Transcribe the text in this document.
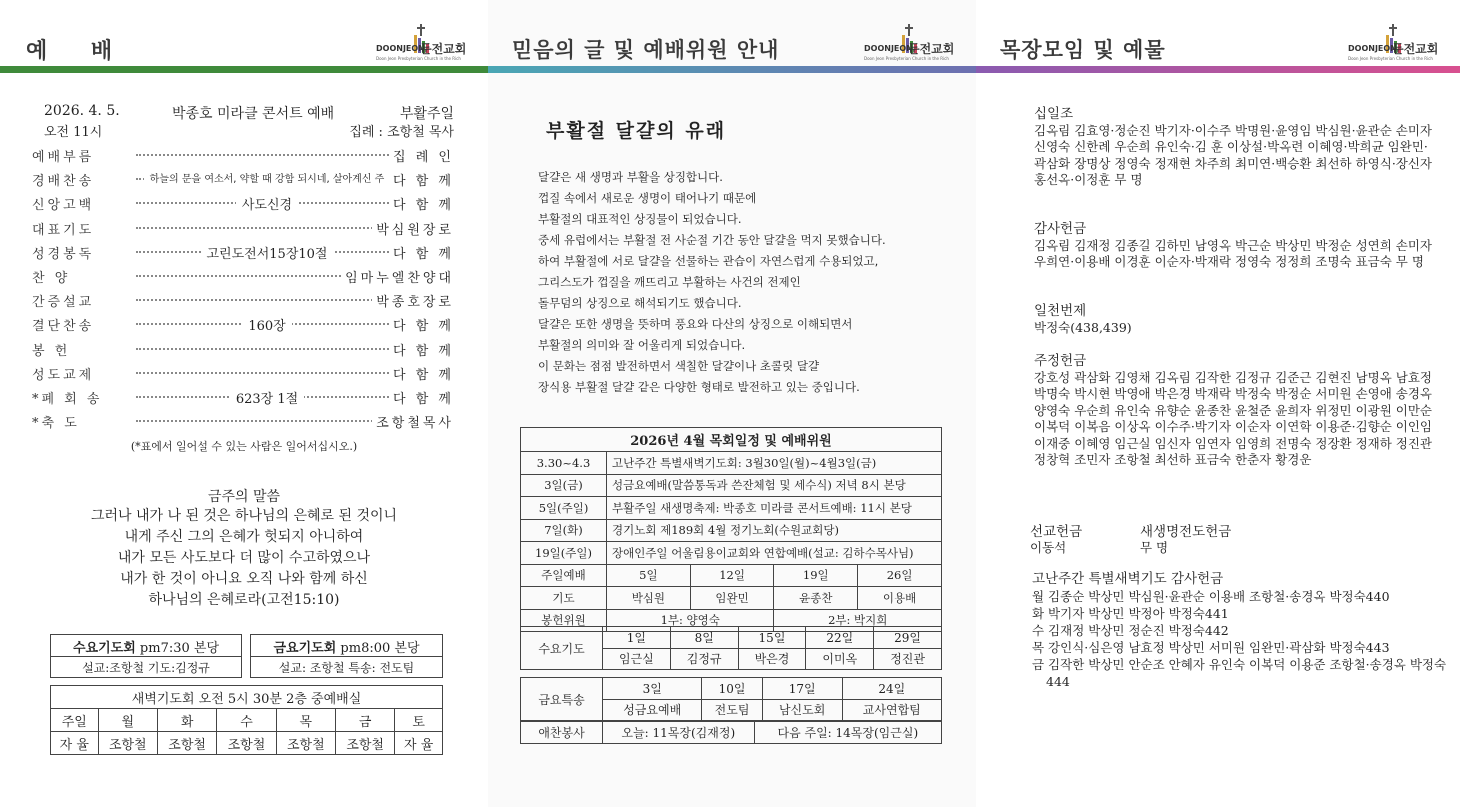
예 배	DOONJEON
둔전교회
Doon Jeon Presbyterian Church in the Rich
2026. 4. 5.	박종호 미라클 콘서트 예배	부활주일
오전 11시	집례 : 조항철 목사
예배부름	집 례 인
경배찬송	하늘의 문을 여소서, 약할 때 강함 되시네, 살아계신 주 다 함 께
신앙고백	사도신경	다 함 께
대표기도	박심원장로
성경봉독	고린도전서15장10절	다 함 께
찬 양	임마누엘찬양대
간증설교	박종호장로
결단찬송	160장	다 함 께
봉 헌	다 함 께
성도교제	다 함 께
*폐 회 송	623장 1절	다 함 께
*축 도	조항철목사
(*표에서 일어설 수 있는 사람은 일어서십시오.)
금주의 말씀
그러나 내가 나 된 것은 하나님의 은혜로 된 것이니
내게 주신 그의 은혜가 헛되지 아니하여
내가 모든 사도보다 더 많이 수고하였으나
내가 한 것이 아니요 오직 나와 함께 하신
하나님의 은혜로라(고전15:10)
수요기도회 pm7:30 본당
설교:조항철 기도:김정규
금요기도회 pm8:00 본당
설교: 조항철 특송: 전도팀
새벽기도회 오전 5시 30분 2층 중예배실						
주일	월	화	수	목	금	토
자 율	조항철	조항철	조항철	조항철	조항철	자 율
믿음의 글 및 예배위원 안내	DOONJEON
둔전교회
Doon Jeon Presbyterian Church in the Rich
부활절 달걀의 유래
달걀은 새 생명과 부활을 상징합니다.
껍질 속에서 새로운 생명이 태어나기 때문에
부활절의 대표적인 상징물이 되었습니다.
중세 유럽에서는 부활절 전 사순절 기간 동안 달걀을 먹지 못했습니다.
하여 부활절에 서로 달걀을 선물하는 관습이 자연스럽게 수용되었고,
그리스도가 껍질을 깨뜨리고 부활하는 사건의 전제인
돌무덤의 상징으로 해석되기도 했습니다.
달걀은 또한 생명을 뜻하며 풍요와 다산의 상징으로 이해되면서
부활절의 의미와 잘 어울리게 되었습니다.
이 문화는 점점 발전하면서 색칠한 달걀이나 초콜릿 달걀
장식용 부활절 달걀 같은 다양한 형태로 발전하고 있는 중입니다.
2026년 4월 목회일정 및 예배위원				
3.30~4.3	고난주간 특별새벽기도회: 3월30일(월)~4월3일(금)			
3일(금)	성금요예배(말씀통독과 쓴잔체험 및 세수식) 저녁 8시 본당			
5일(주일)	부활주일 새생명축제: 박종호 미라클 콘서트예배: 11시 본당			
7일(화)	경기노회 제189회 4월 정기노회(수원교회당)			
19일(주일)	장애인주일 어울림용이교회와 연합예배(설교: 김하수목사님)			
주일예배	5일	12일	19일	26일
기도	박심원	임완민	윤종찬	이용배
봉헌위원	1부: 양영숙		2부: 박지희	
수요기도	1일	8일	15일	22일	29일
	임근실	김정규	박은경	이미옥	정진관
금요특송	3일	10일	17일	24일
	성금요예배	전도팀	남신도회	교사연합팀
애찬봉사	오늘: 11목장(김재정)	다음 주일: 14목장(임근실)
목장모임 및 예물	DOONJEON
둔전교회
Doon Jeon Presbyterian Church in the Rich
십일조
김옥림 김효영·정순진 박기자·이수주 박명원·윤영임 박심원·윤관순 손미자 신영숙 신한례 우순희 유인숙·김 훈 이상설·박옥련 이혜영·박희균 임완민·곽삼화 장명상 정영숙 정재현 차주희 최미연·백승환 최선하 하영식·장신자 홍선옥·이정훈 무 명
감사헌금
김옥림 김재정 김종길 김하민 남영옥 박근순 박상민 박정순 성연희 손미자 우희연·이용배 이경훈 이순자·박재락 정영숙 정정희 조명숙 표금숙 무 명
일천번제
박정숙(438,439)
주정헌금
강호성 곽삼화 김영채 김옥림 김작한 김정규 김준근 김현진 남명옥 남효정 박명숙 박시현 박영애 박은경 박재락 박정숙 박정순 서미원 손영애 송경옥 양영숙 우순희 유인숙 유향순 윤종찬 윤철준 윤희자 위정민 이광원 이만순 이복덕 이복음 이상옥 이수주·박기자 이순자 이연학 이용준·김향순 이인임 이재중 이혜영 임근실 임신자 임연자 임영희 전명숙 정장환 정재하 정진관 정창혁 조민자 조항철 최선하 표금숙 한춘자 황경운
선교헌금	새생명전도헌금
이동석	무 명
고난주간 특별새벽기도 감사헌금
월 김종순 박상민 박심원·윤관순 이용배 조항철·송경옥 박정숙440
화 박기자 박상민 박정아 박정숙441
수 김재정 박상민 정순진 박정숙442
목 강인식·심은영 남효정 박상민 서미원 임완민·곽삼화 박정숙443
금 김작한 박상민 안순조 안혜자 유인숙 이복덕 이용준 조항철·송경옥 박정숙444
